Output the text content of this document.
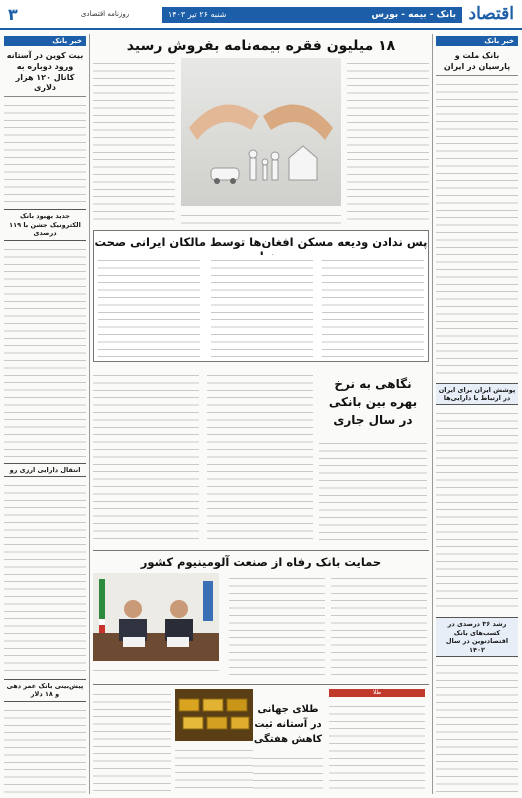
اقتصاد
بانک - بیمه - بورس
شنبه ۲۶ تیر ۱۴۰۳
روزنامه اقتصادی
۳
خبر بانک
بانک ملت و پارسیان در ایران
پوشش ایران برای ایران در ارتباط با دارایی‌ها
رشد ۳۶ درصدی در کسب‌های بانک اقتصادنوین در سال ۱۴۰۲
خبر بانک
بیت کوین در آستانه ورود دوباره به کانال ۱۲۰ هزار دلاری
جدید بهبود بانک الکترونیک جشن با ۱۱۹ درصدی
انتقال دارایی ارزی رو
پیش‌بینی بانک عمر دهی و ۱۸ دلار
۱۸ میلیون فقره بیمه‌نامه بفروش رسید
پس ندادن ودیعه مسکن افغان‌ها توسط مالکان ایرانی صحت
نگاهی به نرخ بهره بین بانکی در سال جاری
حمایت بانک رفاه از صنعت آلومینیوم کشور
طلا
طلای جهانی در آستانه ثبت کاهش هفتگی
